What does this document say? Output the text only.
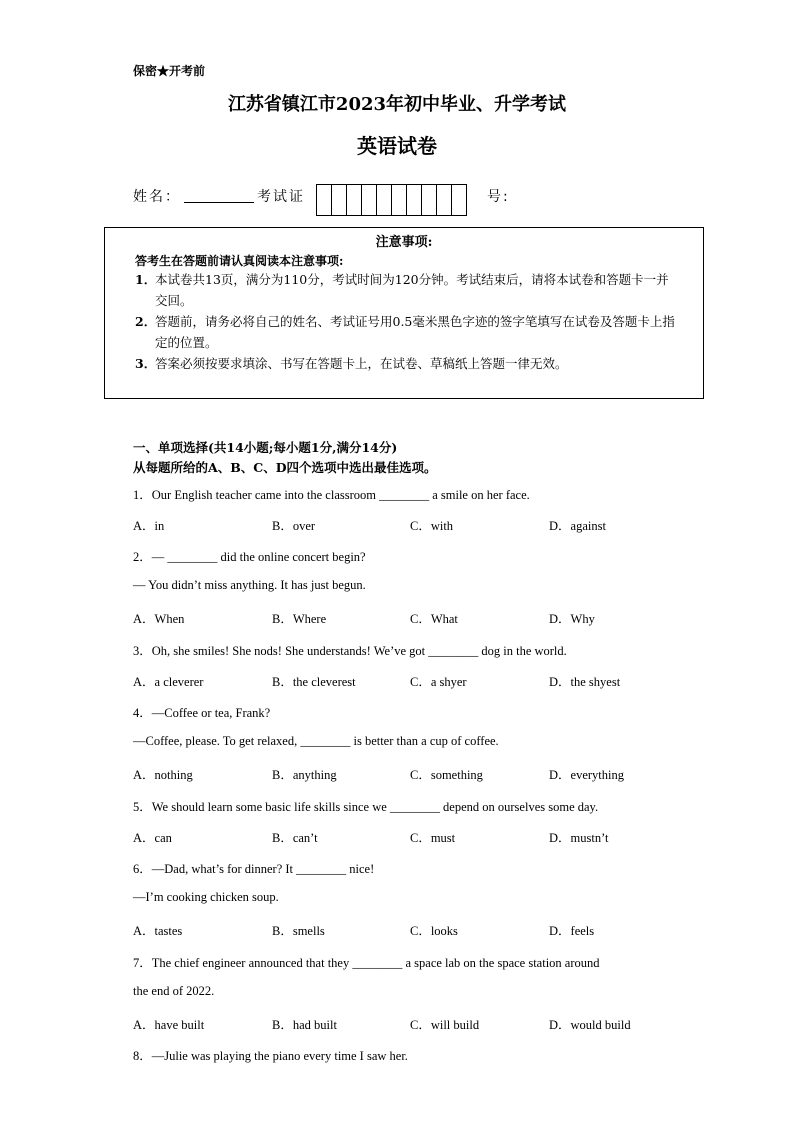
保密★开考前
江苏省镇江市2023年初中毕业、升学考试
英语试卷
姓名：	考试证	号:
注意事项:
答考生在答题前请认真阅读本注意事项:
1．
本试卷共13页，满分为110分，考试时间为120分钟。考试结束后，请将本试卷和答题卡一并交回。
2．
答题前，请务必将自己的姓名、考试证号用0.5毫米黑色字迹的签字笔填写在试卷及答题卡上指定的位置。
3．
答案必须按要求填涂、书写在答题卡上，在试卷、草稿纸上答题一律无效。
一、单项选择(共14小题;每小题1分,满分14分)
从每题所给的A、B、C、D四个选项中选出最佳选项。
1．Our English teacher came into the classroom ________ a smile on her face.
A．in	B．over	C．with	D．against
2．— ________ did the online concert begin?
— You didn’t miss anything. It has just begun.
A．When	B．Where	C．What	D．Why
3．Oh, she smiles! She nods! She understands! We’ve got ________ dog in the world.
A．a cleverer	B．the cleverest	C．a shyer	D．the shyest
4．—Coffee or tea, Frank?
—Coffee, please. To get relaxed, ________ is better than a cup of coffee.
A．nothing	B．anything	C．something	D．everything
5．We should learn some basic life skills since we ________ depend on ourselves some day.
A．can	B．can’t	C．must	D．mustn’t
6．—Dad, what’s for dinner? It ________ nice!
—I’m cooking chicken soup.
A．tastes	B．smells	C．looks	D．feels
7．The chief engineer announced that they ________ a space lab on the space station around
the end of 2022.
A．have built	B．had built	C．will build	D．would build
8．—Julie was playing the piano every time I saw her.
